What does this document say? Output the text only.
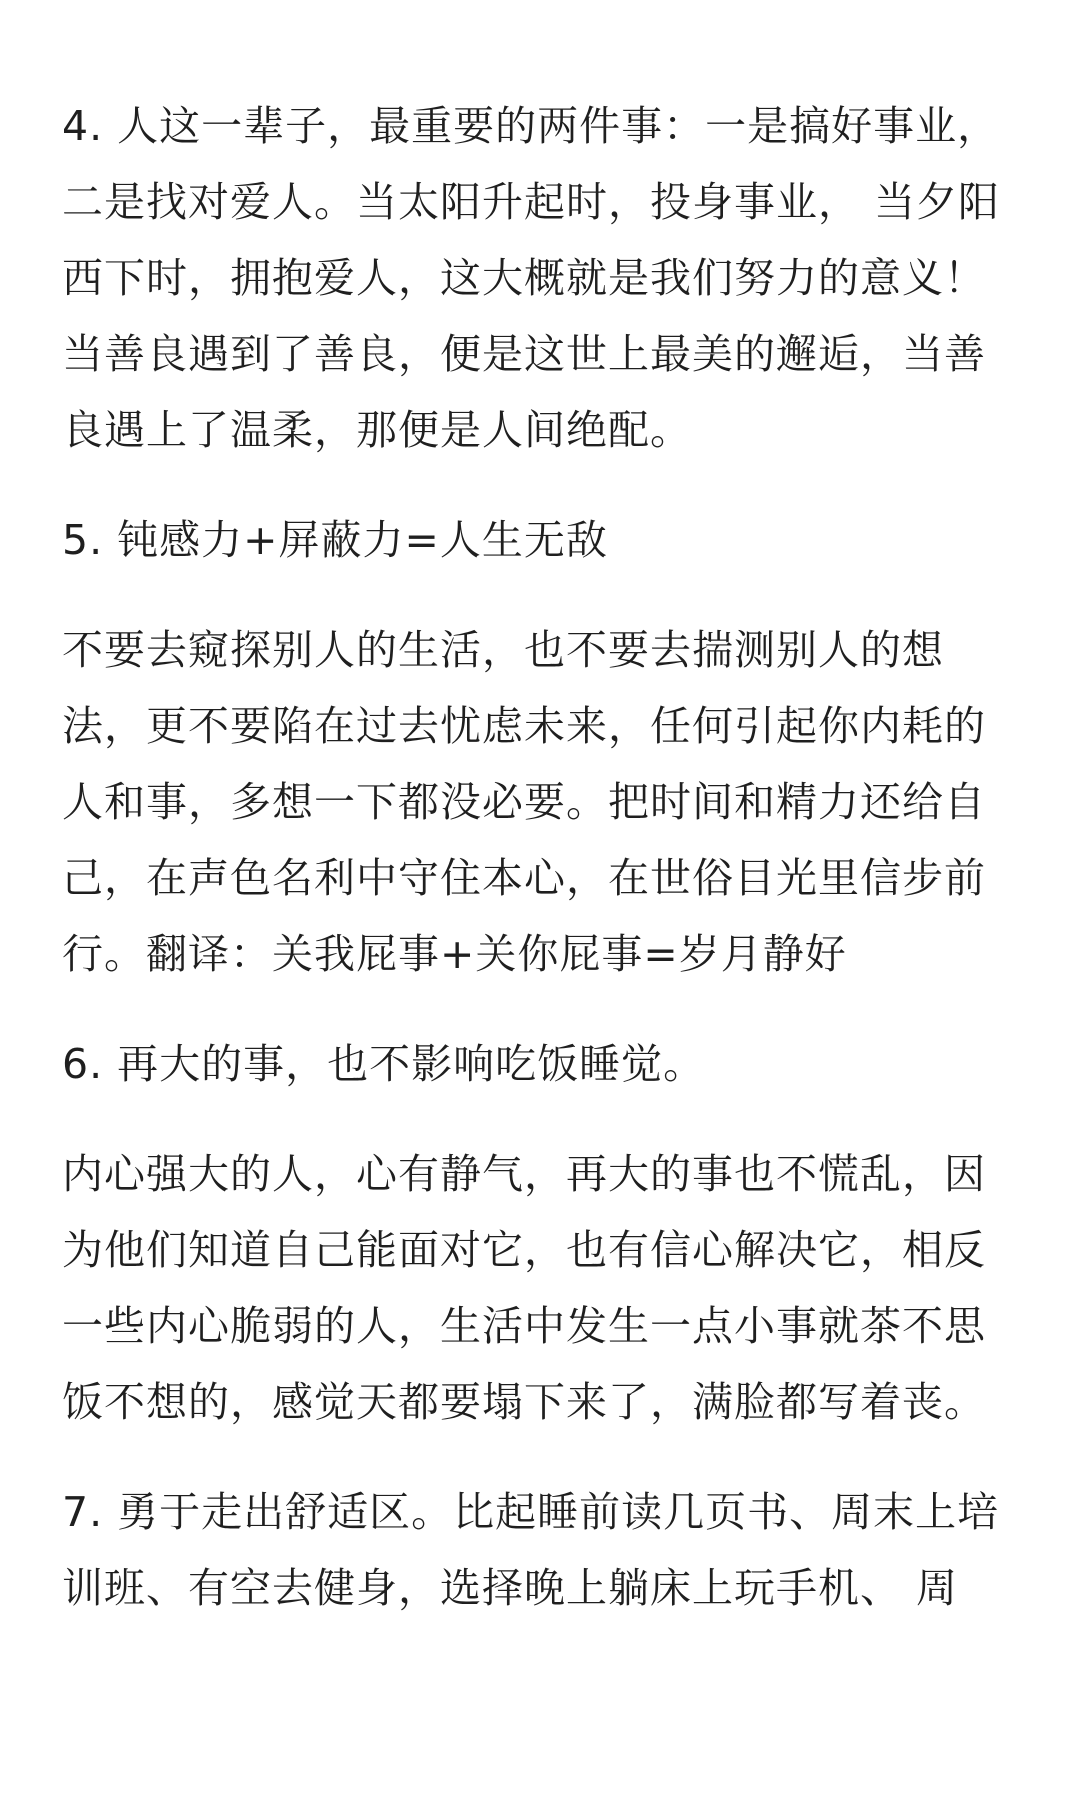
4. 人这一辈子，最重要的两件事：一是搞好事业，二是找对爱人。当太阳升起时，投身事业， 当夕阳西下时，拥抱爱人，这大概就是我们努力的意义！当善良遇到了善良，便是这世上最美的邂逅，当善良遇上了温柔，那便是人间绝配。

5. 钝感力+屏蔽力=人生无敌

不要去窥探别人的生活，也不要去揣测别人的想法，更不要陷在过去忧虑未来，任何引起你内耗的人和事，多想一下都没必要。把时间和精力还给自己，在声色名利中守住本心，在世俗目光里信步前行。翻译：关我屁事+关你屁事=岁月静好

6. 再大的事，也不影响吃饭睡觉。

内心强大的人，心有静气，再大的事也不慌乱，因为他们知道自己能面对它，也有信心解决它，相反一些内心脆弱的人，生活中发生一点小事就茶不思饭不想的，感觉天都要塌下来了，满脸都写着丧。

7. 勇于走出舒适区。比起睡前读几页书、周末上培训班、有空去健身，选择晚上躺床上玩手机、 周
